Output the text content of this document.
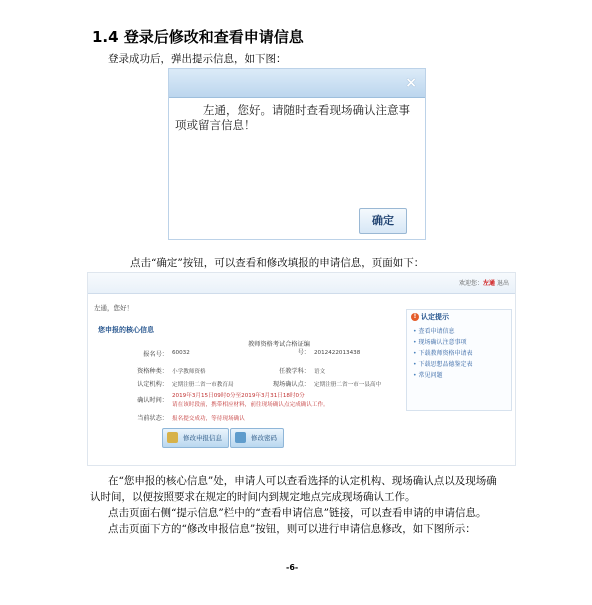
1.4 登录后修改和查看申请信息
登录成功后，弹出提示信息，如下图：
×
左通，您好。请随时查看现场确认注意事项或留言信息！
确定
点击“确定”按钮，可以查看和修改填报的申请信息，页面如下：
欢迎您：左通 退出
左通，您好！
您申报的核心信息
报名号： 60032
教师资格考试合格证编号： 2012422013438
资格种类： 小学教师资格	任教学科： 语文
认定机构： 定期注册二省一市教育局	现场确认点： 定期注册二省一市一县高中
确认时间：
2019年3月15日09时0分至2019年3月31日18时0分
请在该时段前，携带相应材料，前往现场确认点完成确认工作。
当前状态： 报名提交成功，等待现场确认
修改申报信息	修改密码
! 认定提示
• 查看申请信息
• 现场确认注意事项
• 下载教师资格申请表
• 下载思想品德鉴定表
• 常见问题
在“您申报的核心信息”处，申请人可以查看选择的认定机构、现场确认点以及现场确
认时间，以便按照要求在规定的时间内到规定地点完成现场确认工作。
点击页面右侧“提示信息”栏中的“查看申请信息”链接，可以查看申请的申请信息。
点击页面下方的“修改申报信息”按钮，则可以进行申请信息修改，如下图所示：
-6-
